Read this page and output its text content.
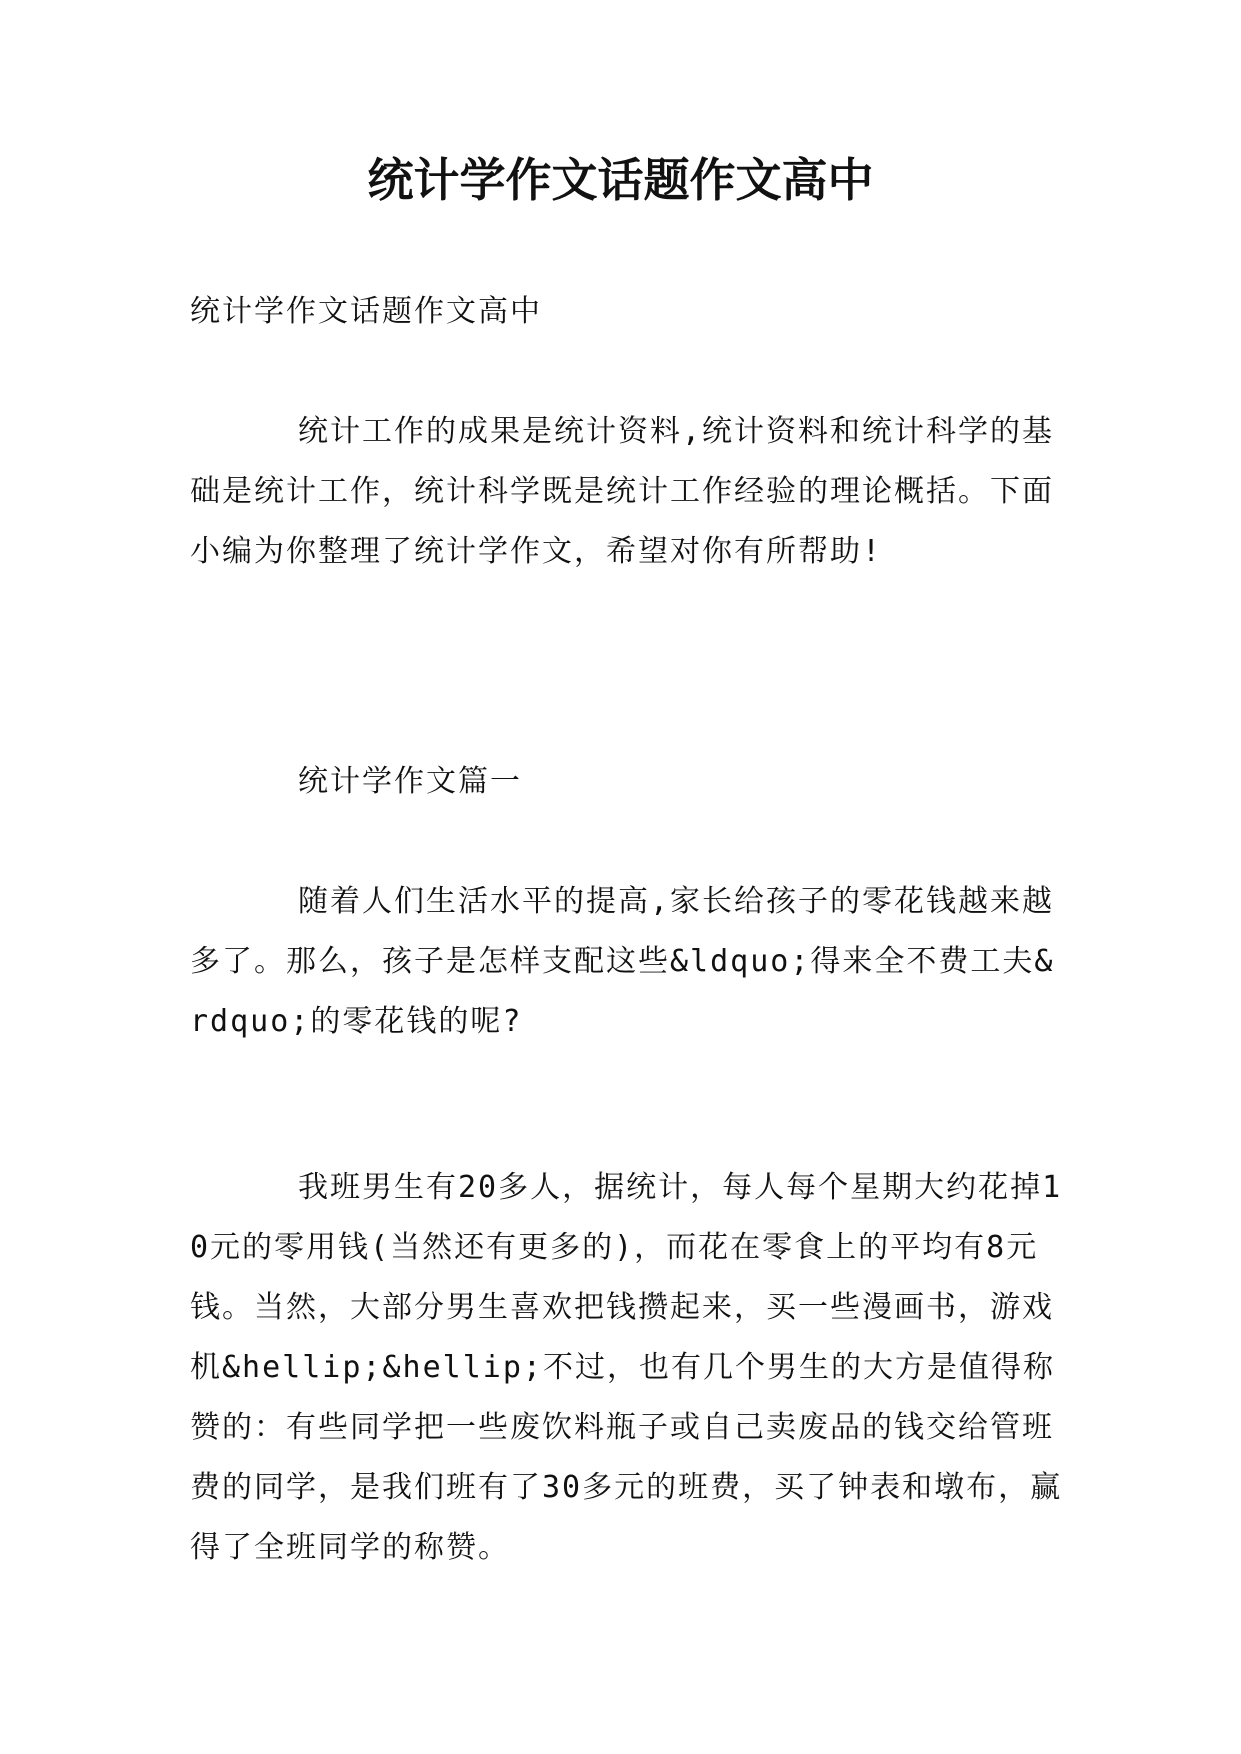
统计学作文话题作文高中

统计学作文话题作文高中

统计工作的成果是统计资料,统计资料和统计科学的基础是统计工作，统计科学既是统计工作经验的理论概括。下面小编为你整理了统计学作文，希望对你有所帮助!

统计学作文篇一

随着人们生活水平的提高,家长给孩子的零花钱越来越多了。那么，孩子是怎样支配这些&ldquo;得来全不费工夫&rdquo;的零花钱的呢?

我班男生有20多人，据统计，每人每个星期大约花掉10元的零用钱(当然还有更多的)，而花在零食上的平均有8元钱。当然，大部分男生喜欢把钱攒起来，买一些漫画书，游戏机&hellip;&hellip;不过，也有几个男生的大方是值得称赞的：有些同学把一些废饮料瓶子或自己卖废品的钱交给管班费的同学，是我们班有了30多元的班费，买了钟表和墩布，赢得了全班同学的称赞。
